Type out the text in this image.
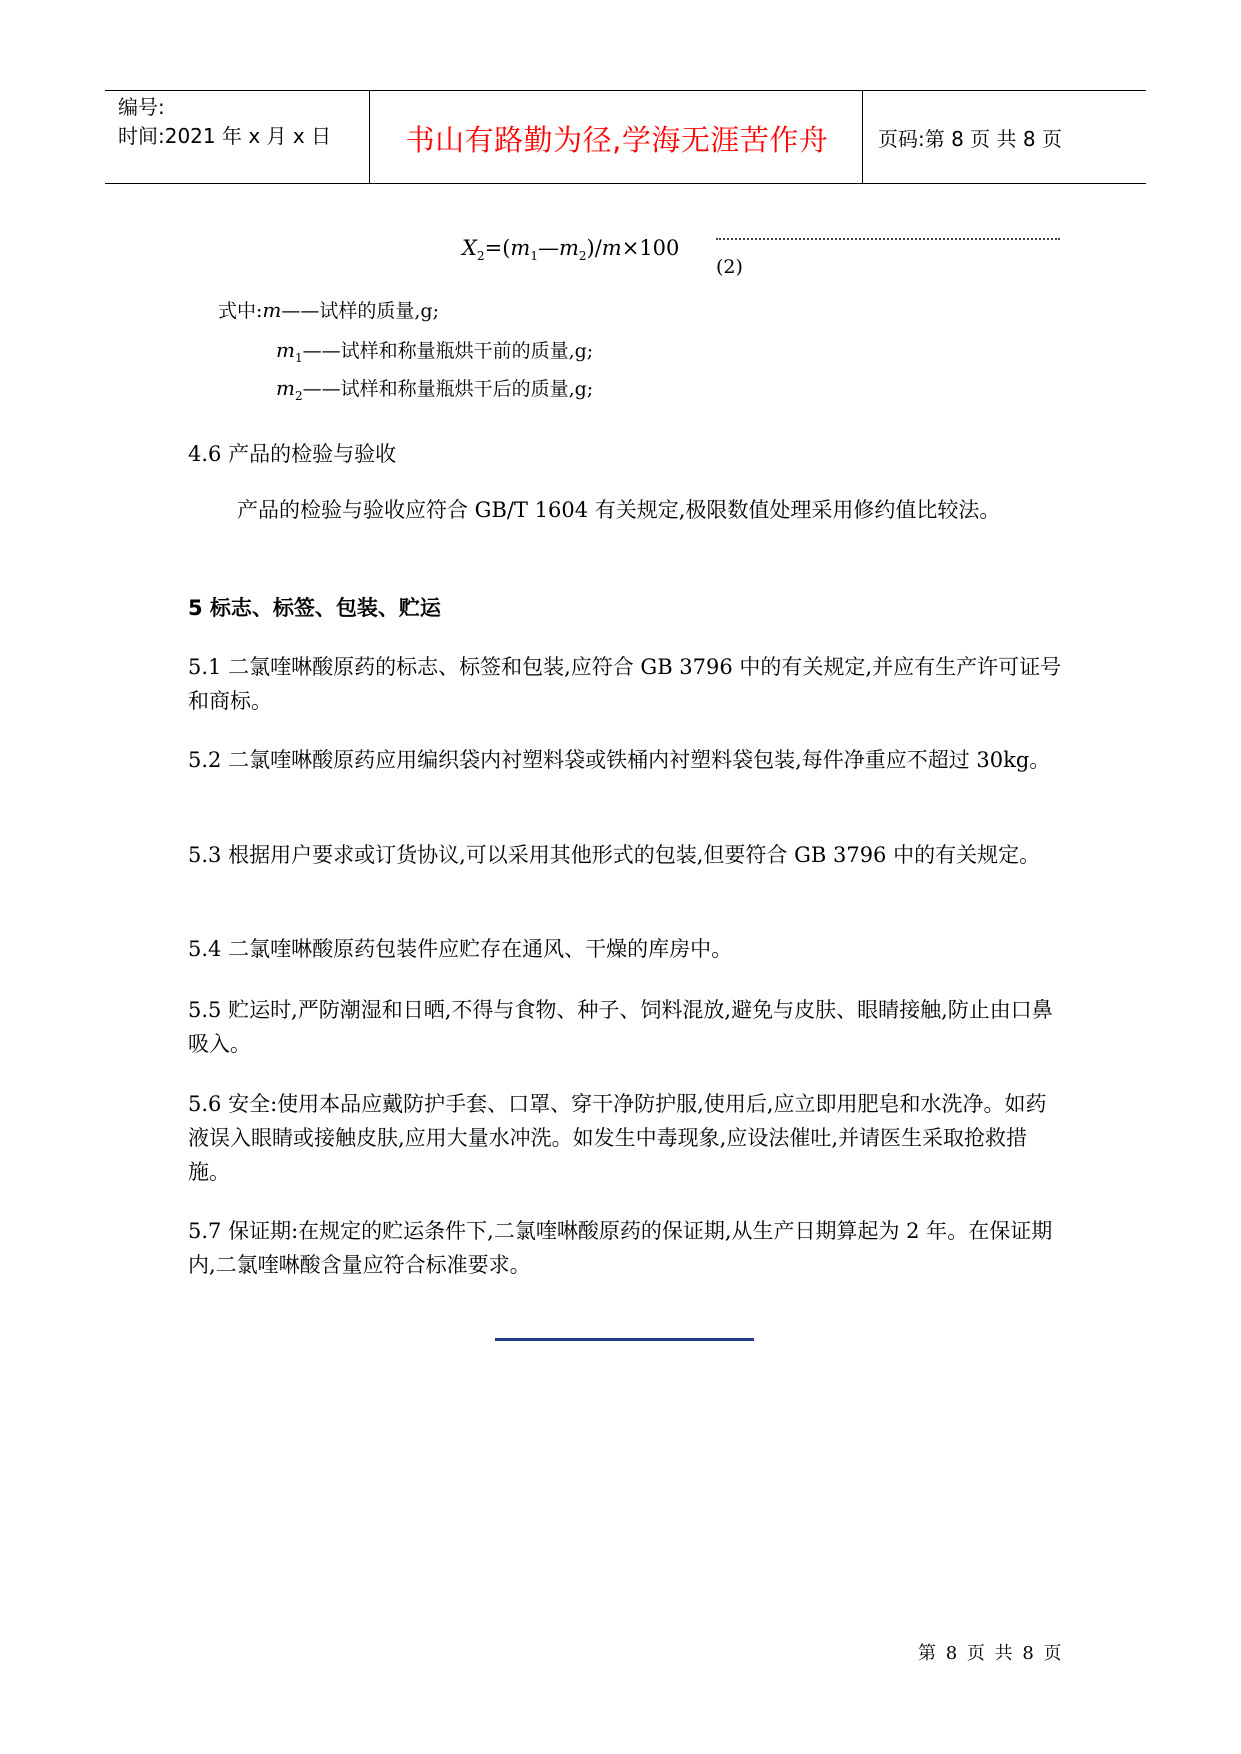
编号:
时间:2021 年 x 月 x 日	书山有路勤为径,学海无涯苦作舟	页码:第 8 页 共 8 页
$X_2=(m_1—m_2)/m\times 100$
(2)
式中:m——试样的质量,g;
$m_1——$试样和称量瓶烘干前的质量,g;
$m_2——$试样和称量瓶烘干后的质量,g;
4.6 产品的检验与验收
产品的检验与验收应符合 GB/T 1604 有关规定,极限数值处理采用修约值比较法。
5 标志、标签、包装、贮运
5.1 二氯喹啉酸原药的标志、标签和包装,应符合 GB 3796 中的有关规定,并应有生产许可证号和商标。
5.2 二氯喹啉酸原药应用编织袋内衬塑料袋或铁桶内衬塑料袋包装,每件净重应不超过 30kg。
5.3 根据用户要求或订货协议,可以采用其他形式的包装,但要符合 GB 3796 中的有关规定。
5.4 二氯喹啉酸原药包装件应贮存在通风、干燥的库房中。
5.5 贮运时,严防潮湿和日晒,不得与食物、种子、饲料混放,避免与皮肤、眼睛接触,防止由口鼻吸入。
5.6 安全:使用本品应戴防护手套、口罩、穿干净防护服,使用后,应立即用肥皂和水洗净。如药液误入眼睛或接触皮肤,应用大量水冲洗。如发生中毒现象,应设法催吐,并请医生采取抢救措施。
5.7 保证期:在规定的贮运条件下,二氯喹啉酸原药的保证期,从生产日期算起为 2 年。在保证期内,二氯喹啉酸含量应符合标准要求。
第 8 页 共 8 页
